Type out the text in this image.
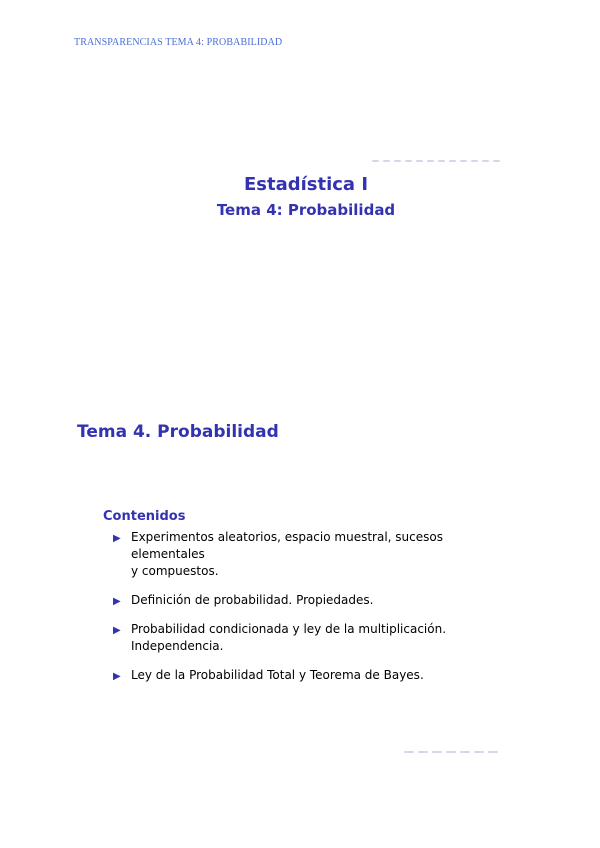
TRANSPARENCIAS TEMA 4: PROBABILIDAD

Estadística I
Tema 4: Probabilidad
Tema 4. Probabilidad
Contenidos
▶ Experimentos aleatorios, espacio muestral, sucesos elementales
y compuestos.
▶ Definición de probabilidad. Propiedades.
▶ Probabilidad condicionada y ley de la multiplicación.
Independencia.
▶ Ley de la Probabilidad Total y Teorema de Bayes.
